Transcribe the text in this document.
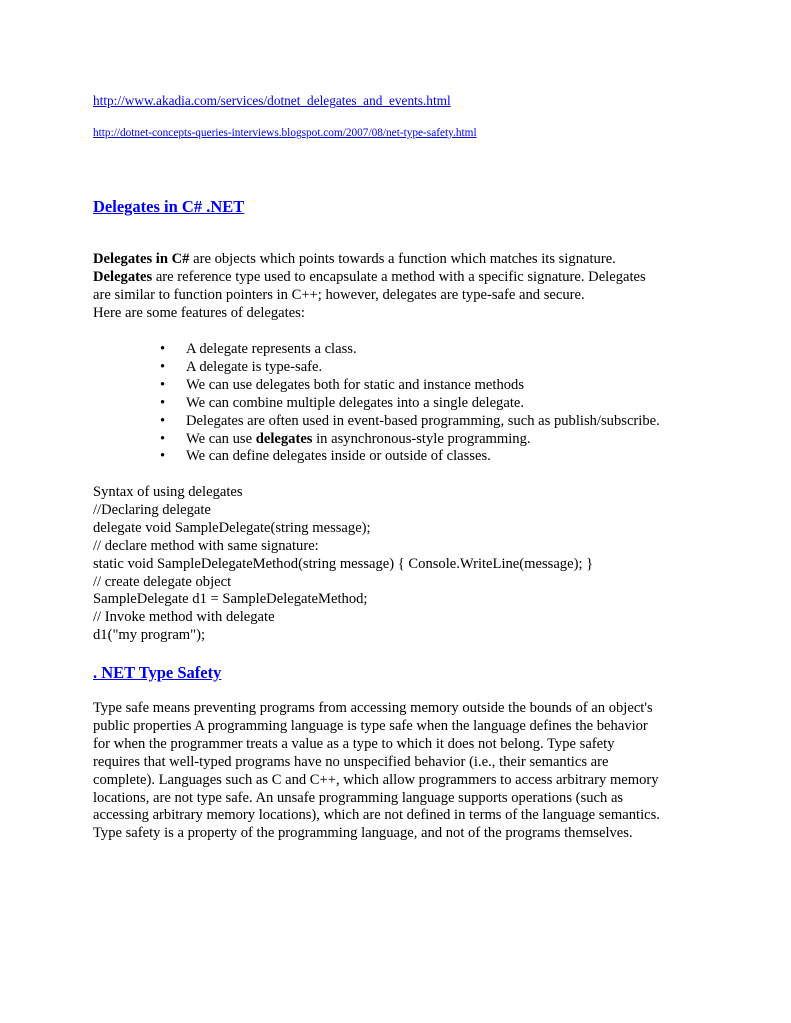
http://www.akadia.com/services/dotnet_delegates_and_events.html
http://dotnet-concepts-queries-interviews.blogspot.com/2007/08/net-type-safety.html
Delegates in C# .NET
Delegates in C# are objects which points towards a function which matches its signature.
Delegates are reference type used to encapsulate a method with a specific signature. Delegates
are similar to function pointers in C++; however, delegates are type-safe and secure.
Here are some features of delegates:
• A delegate represents a class.
• A delegate is type-safe.
• We can use delegates both for static and instance methods
• We can combine multiple delegates into a single delegate.
• Delegates are often used in event-based programming, such as publish/subscribe.
• We can use delegates in asynchronous-style programming.
• We can define delegates inside or outside of classes.
Syntax of using delegates
//Declaring delegate
delegate void SampleDelegate(string message);
// declare method with same signature:
static void SampleDelegateMethod(string message) { Console.WriteLine(message); }
// create delegate object
SampleDelegate d1 = SampleDelegateMethod;
// Invoke method with delegate
d1("my program");
. NET Type Safety
Type safe means preventing programs from accessing memory outside the bounds of an object's
public properties A programming language is type safe when the language defines the behavior
for when the programmer treats a value as a type to which it does not belong. Type safety
requires that well-typed programs have no unspecified behavior (i.e., their semantics are
complete). Languages such as C and C++, which allow programmers to access arbitrary memory
locations, are not type safe. An unsafe programming language supports operations (such as
accessing arbitrary memory locations), which are not defined in terms of the language semantics.
Type safety is a property of the programming language, and not of the programs themselves.
